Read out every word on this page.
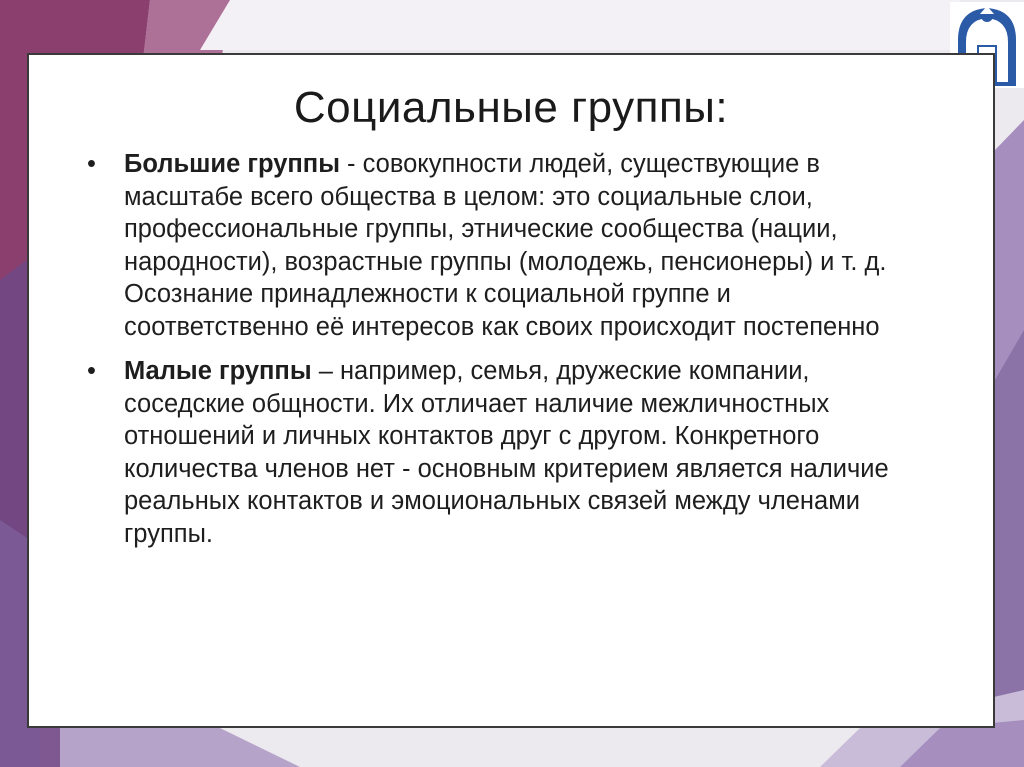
Социальные группы:
•	Большие группы - совокупности людей, существующие в масштабе всего общества в целом: это социальные слои, профессиональные группы, этнические сообщества (нации, народности), возрастные группы (молодежь, пенсионеры) и т. д. Осознание принадлежности к социальной группе и соответственно её интересов как своих происходит постепенно
•	Малые группы – например, семья, дружеские компании, соседские общности. Их отличает наличие межличностных отношений и личных контактов друг с другом. Конкретного количества членов нет - основным критерием является наличие реальных контактов и эмоциональных связей между членами группы.
